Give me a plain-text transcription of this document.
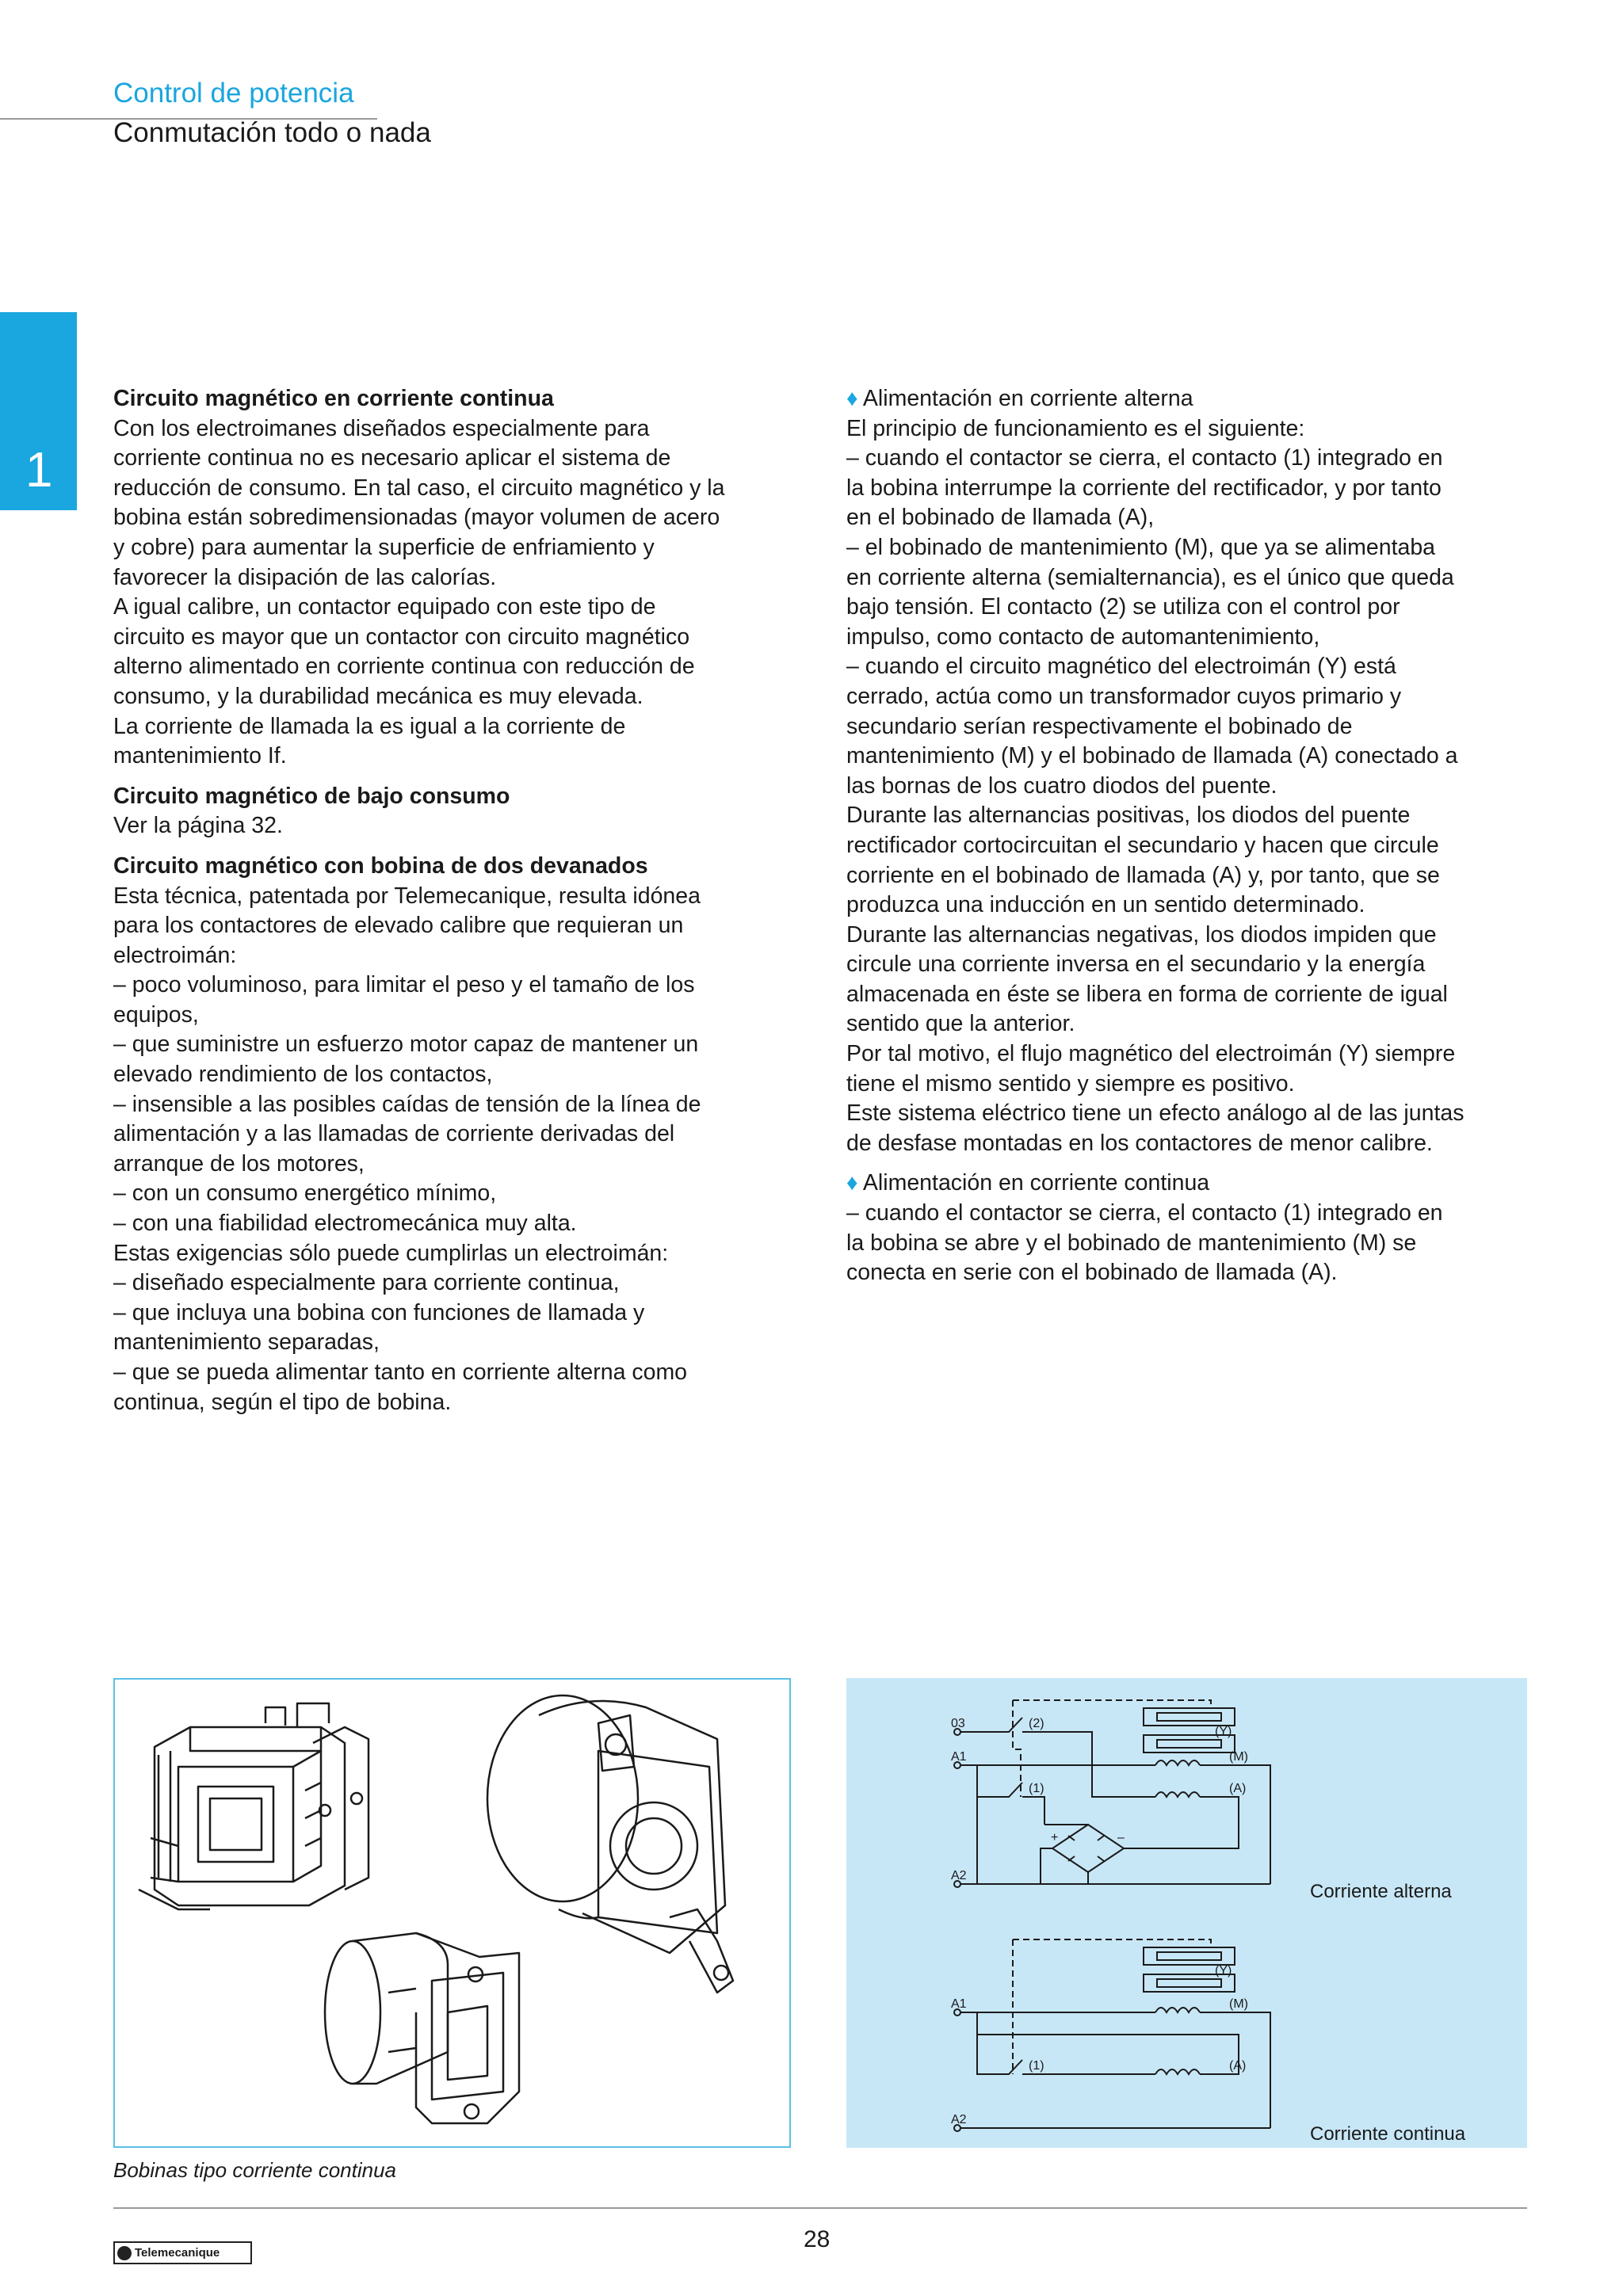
Control de potencia
Conmutación todo o nada
1

Circuito magnético en corriente continua

Con los electroimanes diseñados especialmente para

corriente continua no es necesario aplicar el sistema de

reducción de consumo. En tal caso, el circuito magnético y la

bobina están sobredimensionadas (mayor volumen de acero

y cobre) para aumentar la superficie de enfriamiento y

favorecer la disipación de las calorías.

A igual calibre, un contactor equipado con este tipo de

circuito es mayor que un contactor con circuito magnético

alterno alimentado en corriente continua con reducción de

consumo, y la durabilidad mecánica es muy elevada.

La corriente de llamada la es igual a la corriente de

mantenimiento If.

Circuito magnético de bajo consumo

Ver la página 32.

Circuito magnético con bobina de dos devanados

Esta técnica, patentada por Telemecanique, resulta idónea

para los contactores de elevado calibre que requieran un

electroimán:

– poco voluminoso, para limitar el peso y el tamaño de los

equipos,

– que suministre un esfuerzo motor capaz de mantener un

elevado rendimiento de los contactos,

– insensible a las posibles caídas de tensión de la línea de

alimentación y a las llamadas de corriente derivadas del

arranque de los motores,

– con un consumo energético mínimo,

– con una fiabilidad electromecánica muy alta.

Estas exigencias sólo puede cumplirlas un electroimán:

– diseñado especialmente para corriente continua,

– que incluya una bobina con funciones de llamada y

mantenimiento separadas,

– que se pueda alimentar tanto en corriente alterna como

continua, según el tipo de bobina.

♦ Alimentación en corriente alterna

El principio de funcionamiento es el siguiente:

– cuando el contactor se cierra, el contacto (1) integrado en

la bobina interrumpe la corriente del rectificador, y por tanto

en el bobinado de llamada (A),

– el bobinado de mantenimiento (M), que ya se alimentaba

en corriente alterna (semialternancia), es el único que queda

bajo tensión. El contacto (2) se utiliza con el control por

impulso, como contacto de automantenimiento,

– cuando el circuito magnético del electroimán (Y) está

cerrado, actúa como un transformador cuyos primario y

secundario serían respectivamente el bobinado de

mantenimiento (M) y el bobinado de llamada (A) conectado a

las bornas de los cuatro diodos del puente.

Durante las alternancias positivas, los diodos del puente

rectificador cortocircuitan el secundario y hacen que circule

corriente en el bobinado de llamada (A) y, por tanto, que se

produzca una inducción en un sentido determinado.

Durante las alternancias negativas, los diodos impiden que

circule una corriente inversa en el secundario y la energía

almacenada en éste se libera en forma de corriente de igual

sentido que la anterior.

Por tal motivo, el flujo magnético del electroimán (Y) siempre

tiene el mismo sentido y siempre es positivo.

Este sistema eléctrico tiene un efecto análogo al de las juntas

de desfase montadas en los contactores de menor calibre.

♦ Alimentación en corriente continua

– cuando el contactor se cierra, el contacto (1) integrado en

la bobina se abre y el bobinado de mantenimiento (M) se

conecta en serie con el bobinado de llamada (A).

03	(2)
(Y)
A1	(M)
(1)	(A)
+	–
A2
(Y)
A1	(M)
(1)	(A)
A2
Corriente alterna
Corriente continua
Bobinas tipo corriente continua
28
Telemecanique
